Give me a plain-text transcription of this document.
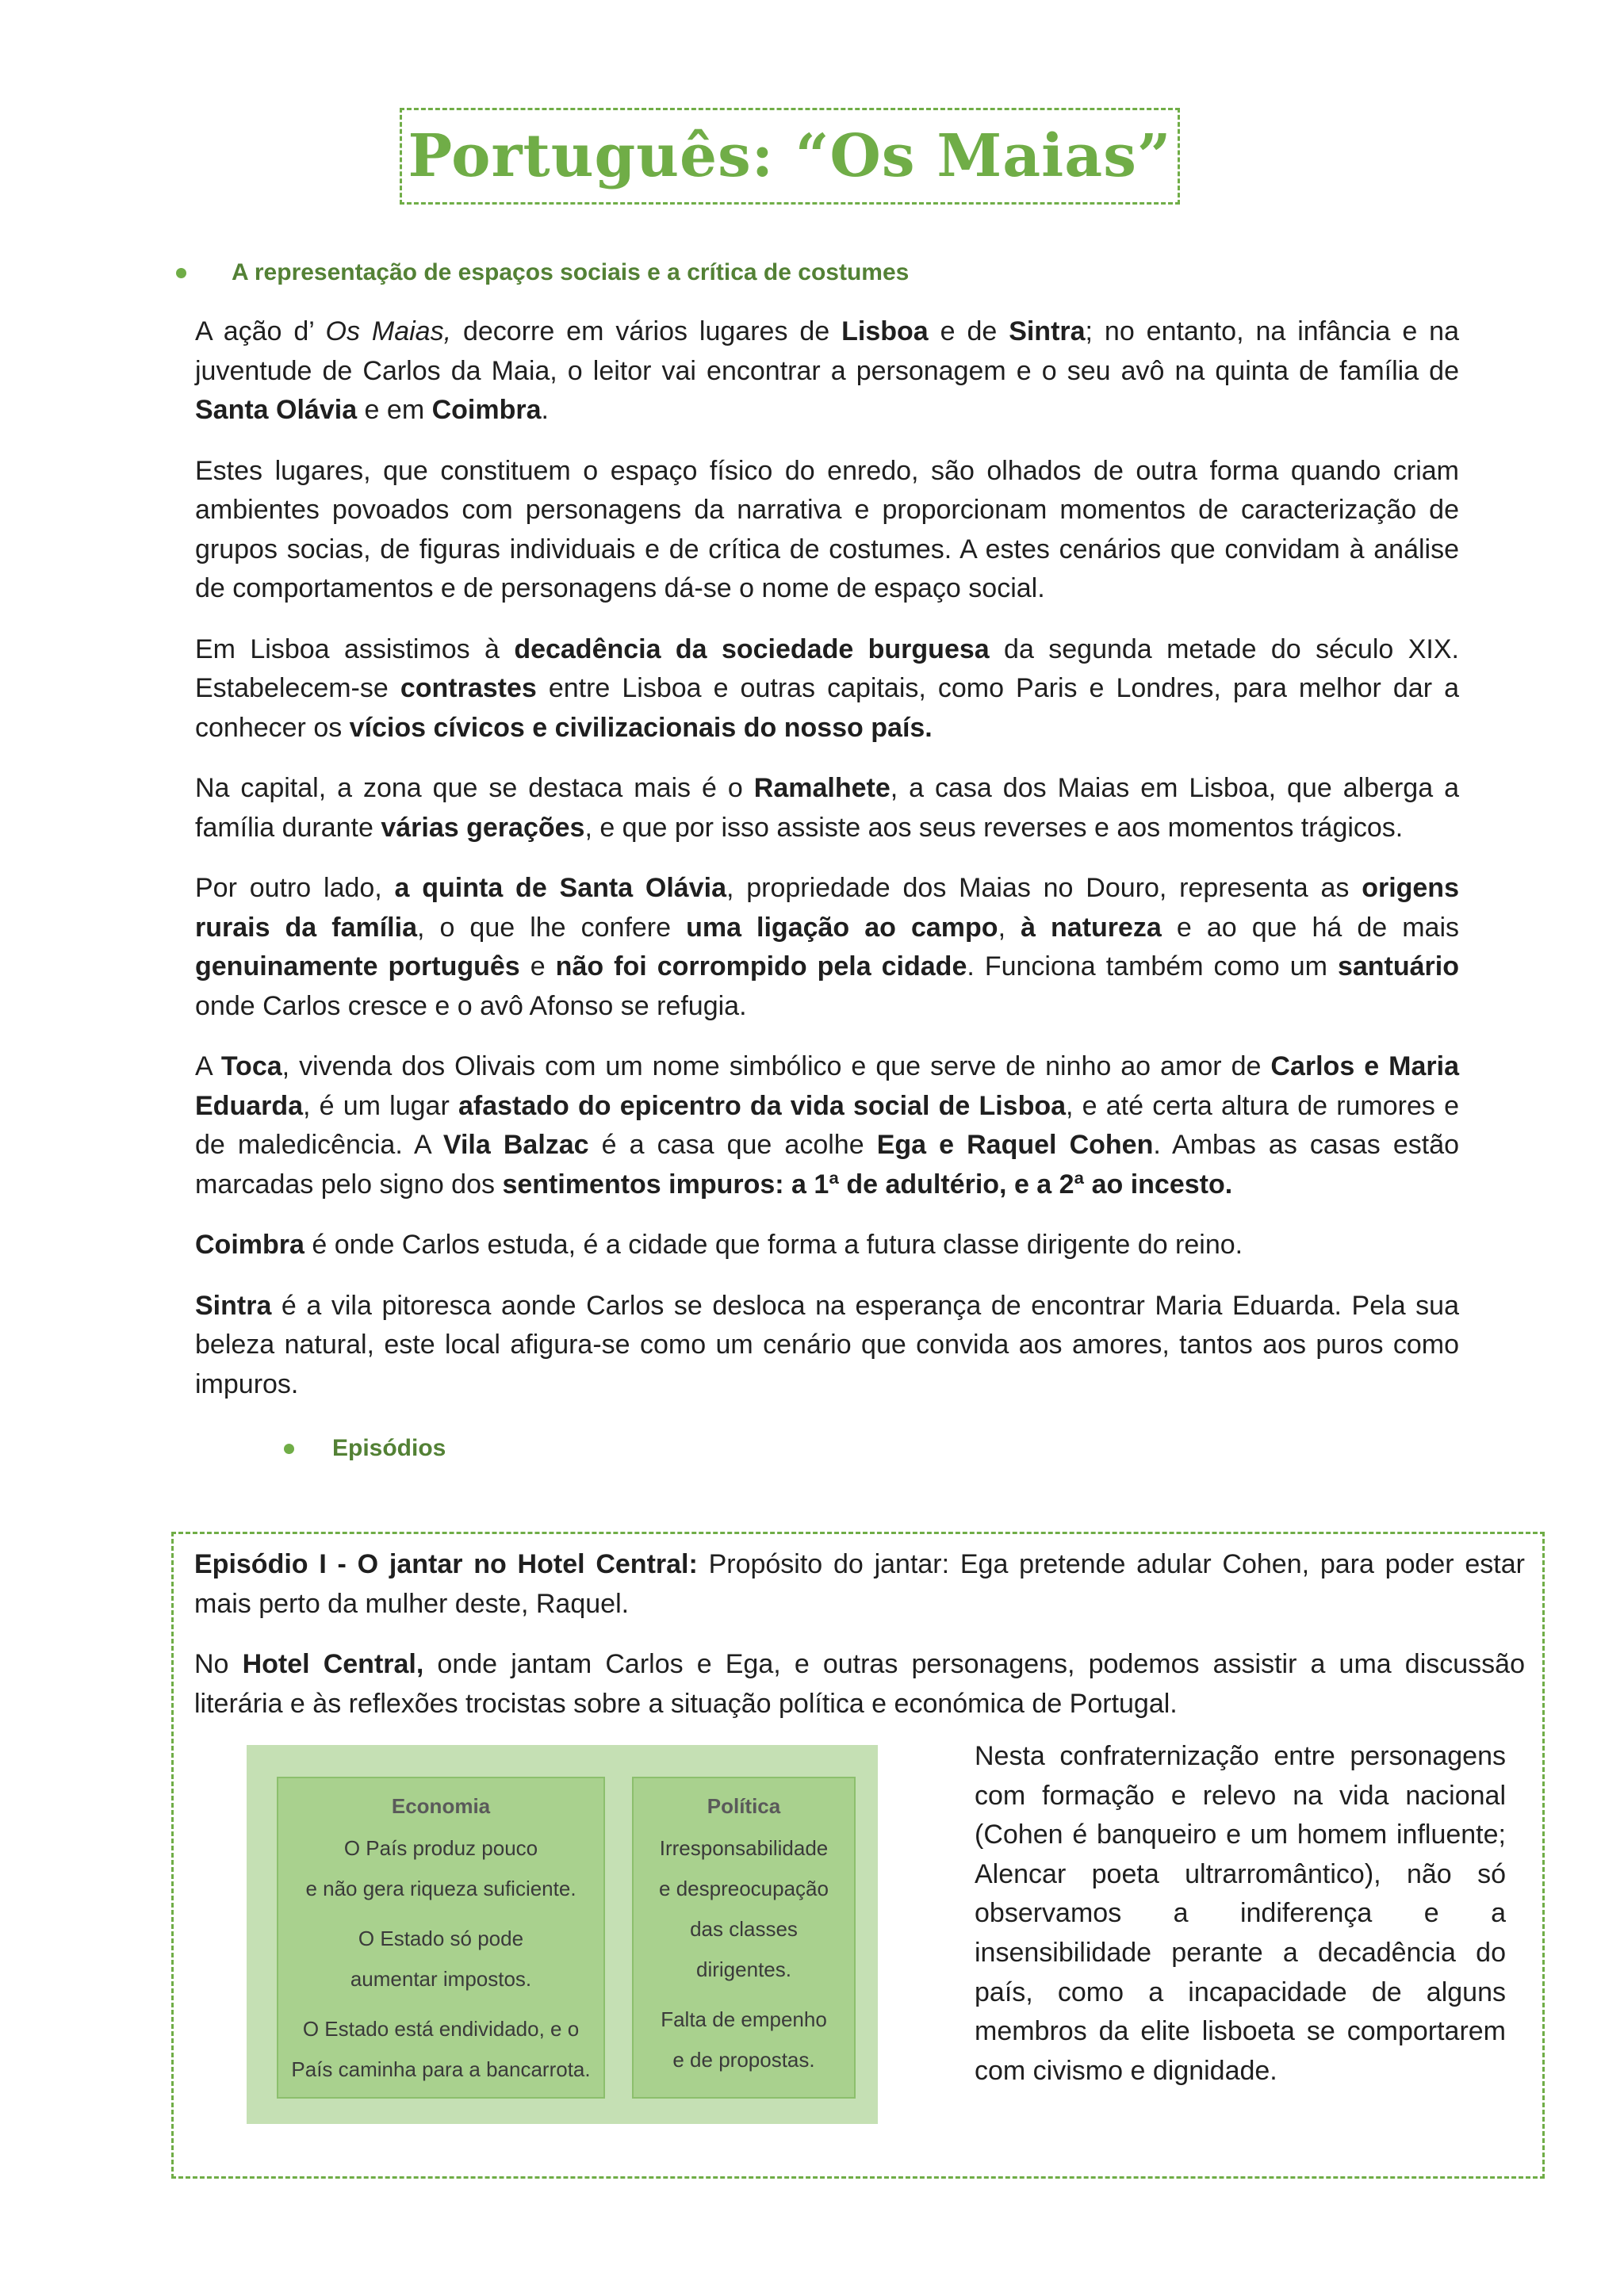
Português: “Os Maias”
A representação de espaços sociais e a crítica de costumes

A ação d’ Os Maias, decorre em vários lugares de Lisboa e de Sintra; no entanto, na infância e na juventude de Carlos da Maia, o leitor vai encontrar a personagem e o seu avô na quinta de família de Santa Olávia e em Coimbra.

Estes lugares, que constituem o espaço físico do enredo, são olhados de outra forma quando criam ambientes povoados com personagens da narrativa e proporcionam momentos de caracterização de grupos socias, de figuras individuais e de crítica de costumes. A estes cenários que convidam à análise de comportamentos e de personagens dá-se o nome de espaço social.

Em Lisboa assistimos à decadência da sociedade burguesa da segunda metade do século XIX. Estabelecem-se contrastes entre Lisboa e outras capitais, como Paris e Londres, para melhor dar a conhecer os vícios cívicos e civilizacionais do nosso país.

Na capital, a zona que se destaca mais é o Ramalhete, a casa dos Maias em Lisboa, que alberga a família durante várias gerações, e que por isso assiste aos seus reverses e aos momentos trágicos.

Por outro lado, a quinta de Santa Olávia, propriedade dos Maias no Douro, representa as origens rurais da família, o que lhe confere uma ligação ao campo, à natureza e ao que há de mais genuinamente português e não foi corrompido pela cidade. Funciona também como um santuário onde Carlos cresce e o avô Afonso se refugia.

A Toca, vivenda dos Olivais com um nome simbólico e que serve de ninho ao amor de Carlos e Maria Eduarda, é um lugar afastado do epicentro da vida social de Lisboa, e até certa altura de rumores e de maledicência. A Vila Balzac é a casa que acolhe Ega e Raquel Cohen. Ambas as casas estão marcadas pelo signo dos sentimentos impuros: a 1ª de adultério, e a 2ª ao incesto.

Coimbra é onde Carlos estuda, é a cidade que forma a futura classe dirigente do reino.

Sintra é a vila pitoresca aonde Carlos se desloca na esperança de encontrar Maria Eduarda. Pela sua beleza natural, este local afigura-se como um cenário que convida aos amores, tantos aos puros como impuros.

Episódios

Episódio I - O jantar no Hotel Central: Propósito do jantar: Ega pretende adular Cohen, para poder estar mais perto da mulher deste, Raquel.

No Hotel Central, onde jantam Carlos e Ega, e outras personagens, podemos assistir a uma discussão literária e às reflexões trocistas sobre a situação política e económica de Portugal.

Economia
O País produz pouco
e não gera riqueza suficiente.
O Estado só pode
aumentar impostos.
O Estado está endividado, e o
País caminha para a bancarrota.
Política
Irresponsabilidade
e despreocupação
das classes
dirigentes.
Falta de empenho
e de propostas.
Nesta confraternização entre personagens com formação e relevo na vida nacional (Cohen é banqueiro e um homem influente; Alencar poeta ultrarromântico), não só observamos a indiferença e a insensibilidade perante a decadência do país, como a incapacidade de alguns membros da elite lisboeta se comportarem com civismo e dignidade.
